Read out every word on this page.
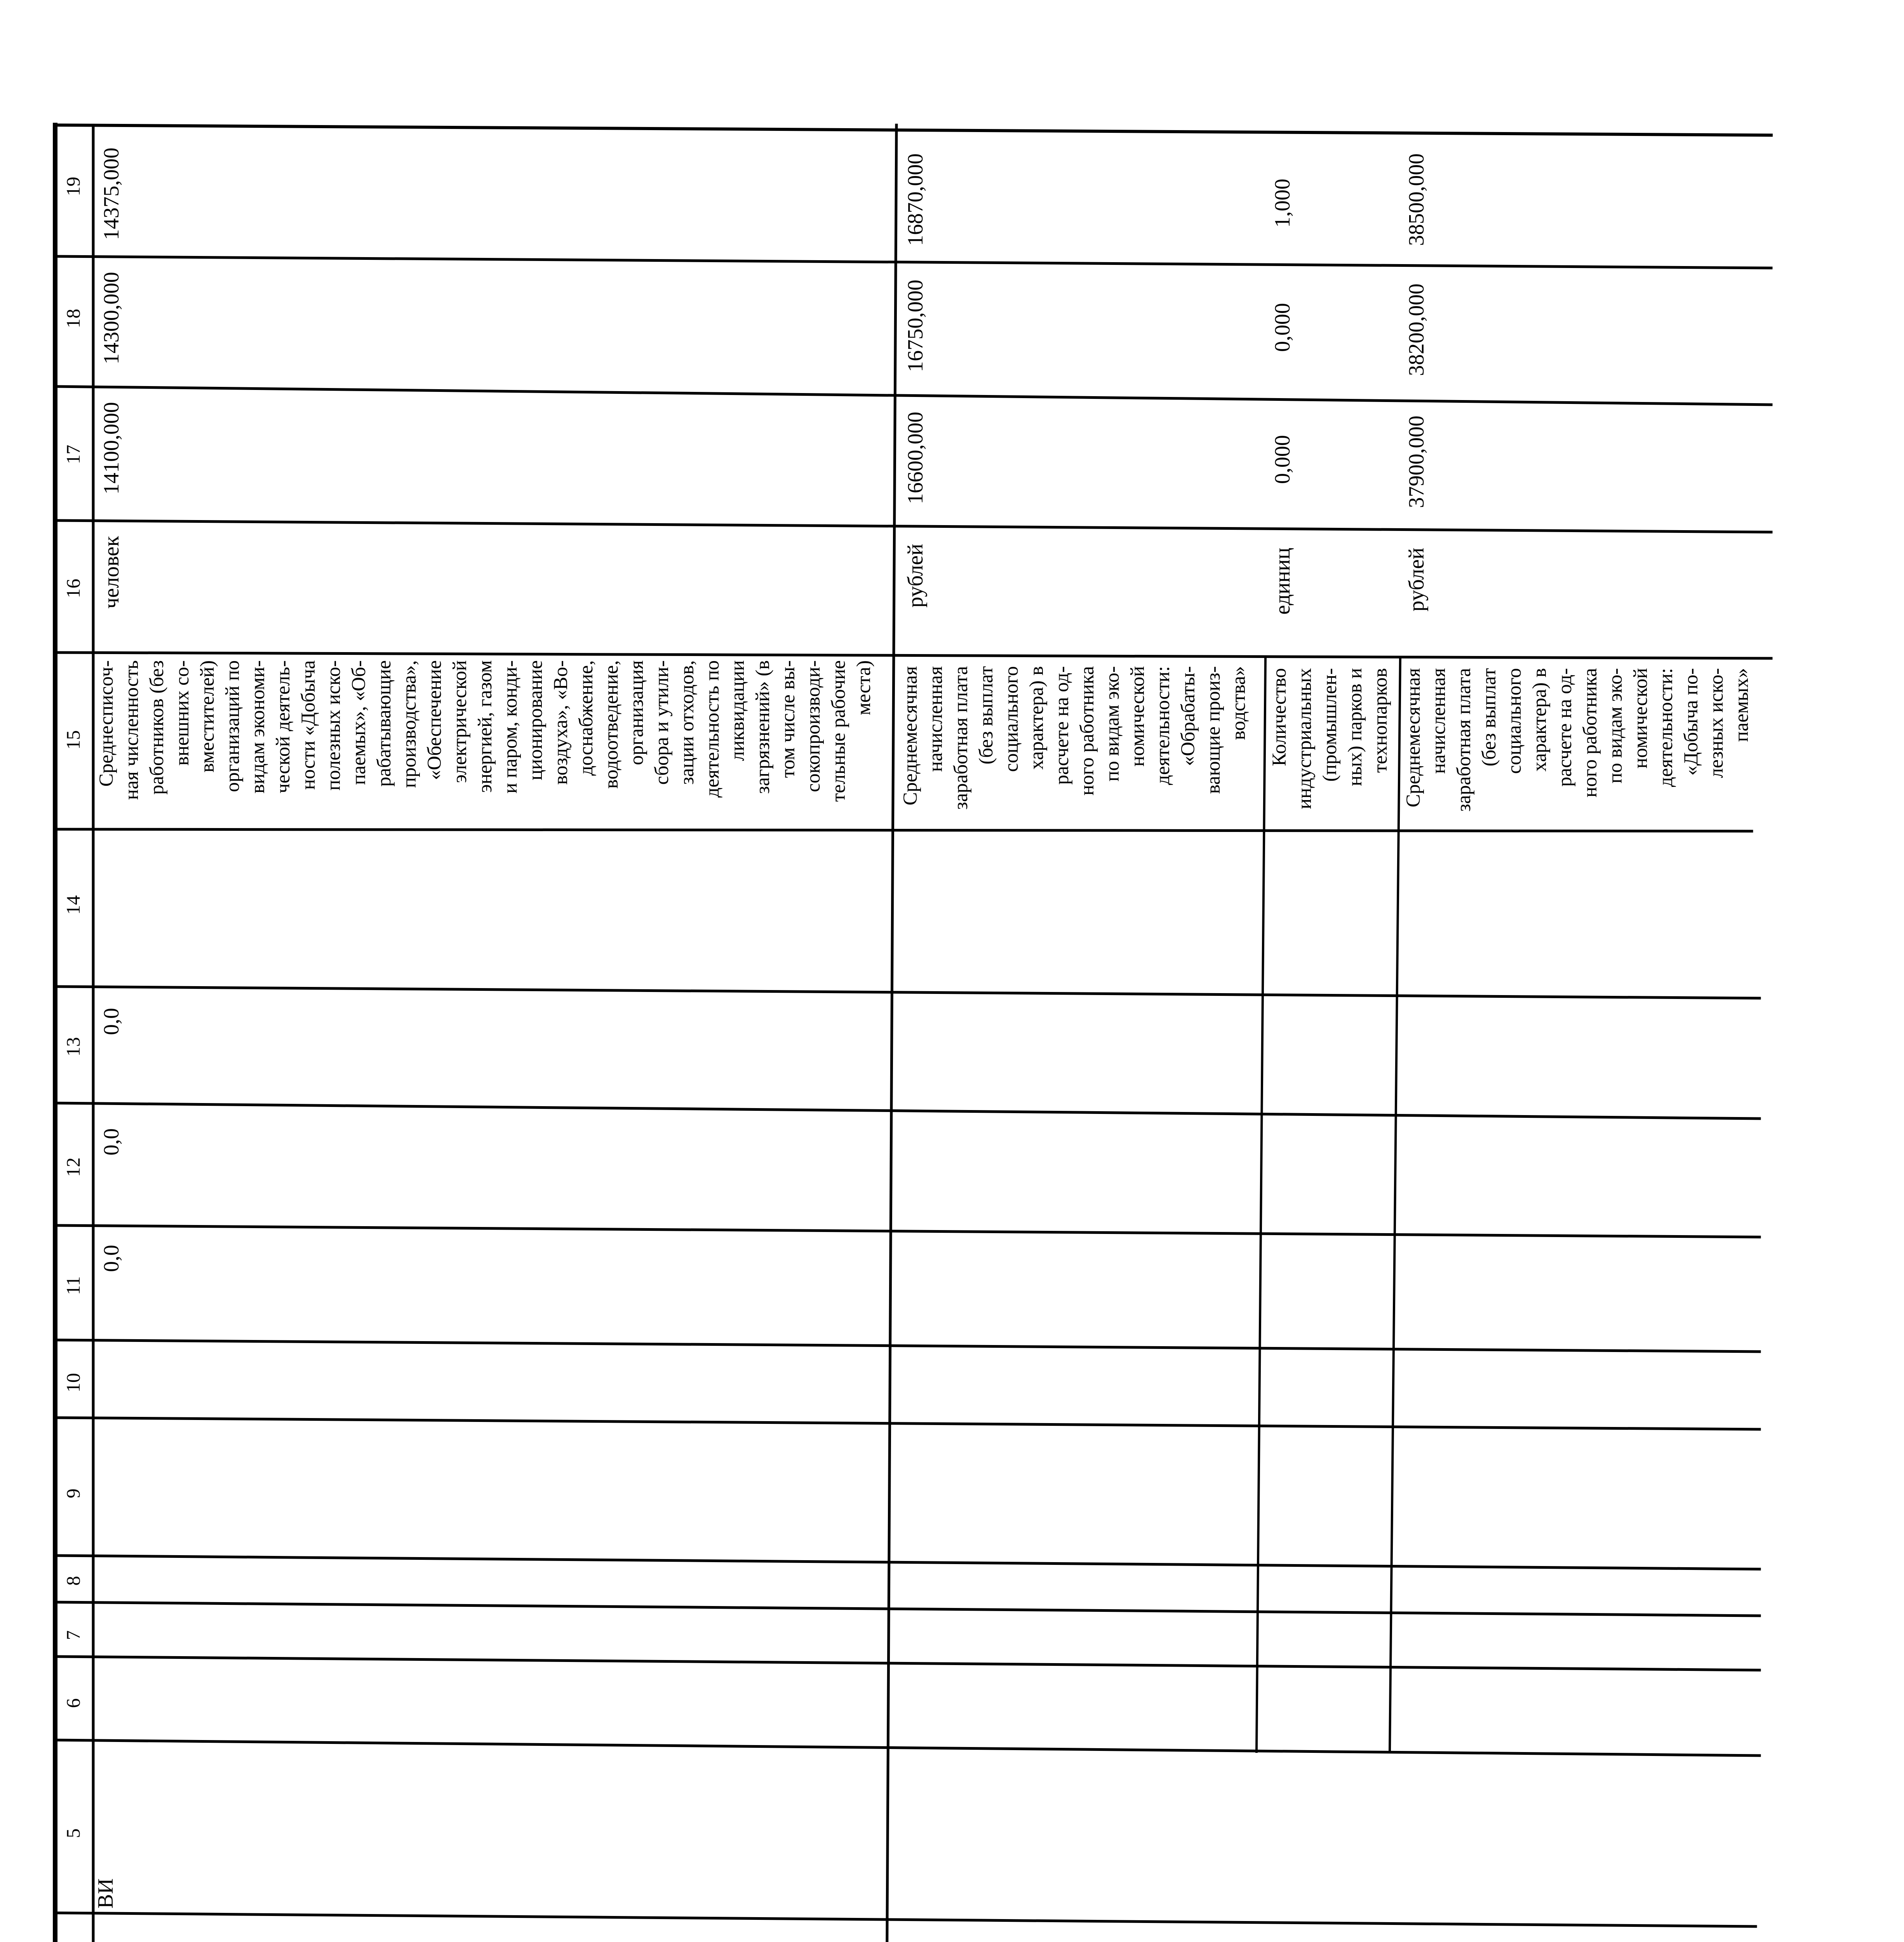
19
18
17
16
15
14
13
12
11
10
9
8
7
6
5
14375,000
14300,000
14100,000
человек
0,0
0,0
0,0
ВИ
Среднесписоч- ная численность работников (без внешних со- вместителей) организаций по видам экономи- ческой деятель- ности «Добыча полезных иско- паемых», «Об- рабатывающие производства», «Обеспечение электрической энергией, газом и паром, конди- ционирование воздуха», «Во- доснабжение, водоотведение, организация сбора и утили- зации отходов, деятельность по ликвидации загрязнений» (в том числе вы- сокопроизводи- тельные рабочие места)
16870,000
16750,000
16600,000
рублей
Среднемесячная начисленная заработная плата (без выплат социального характера) в расчете на од- ного работника по видам эко- номической деятельности: «Обрабаты- вающие произ- водства»
1,000
0,000
0,000
единиц
Количество индустриальных (промышлен- ных) парков и технопарков
38500,000
38200,000
37900,000
рублей
Среднемесячная начисленная заработная плата (без выплат социального характера) в расчете на од- ного работника по видам эко- номической деятельности: «Добыча по- лезных иско- паемых»
